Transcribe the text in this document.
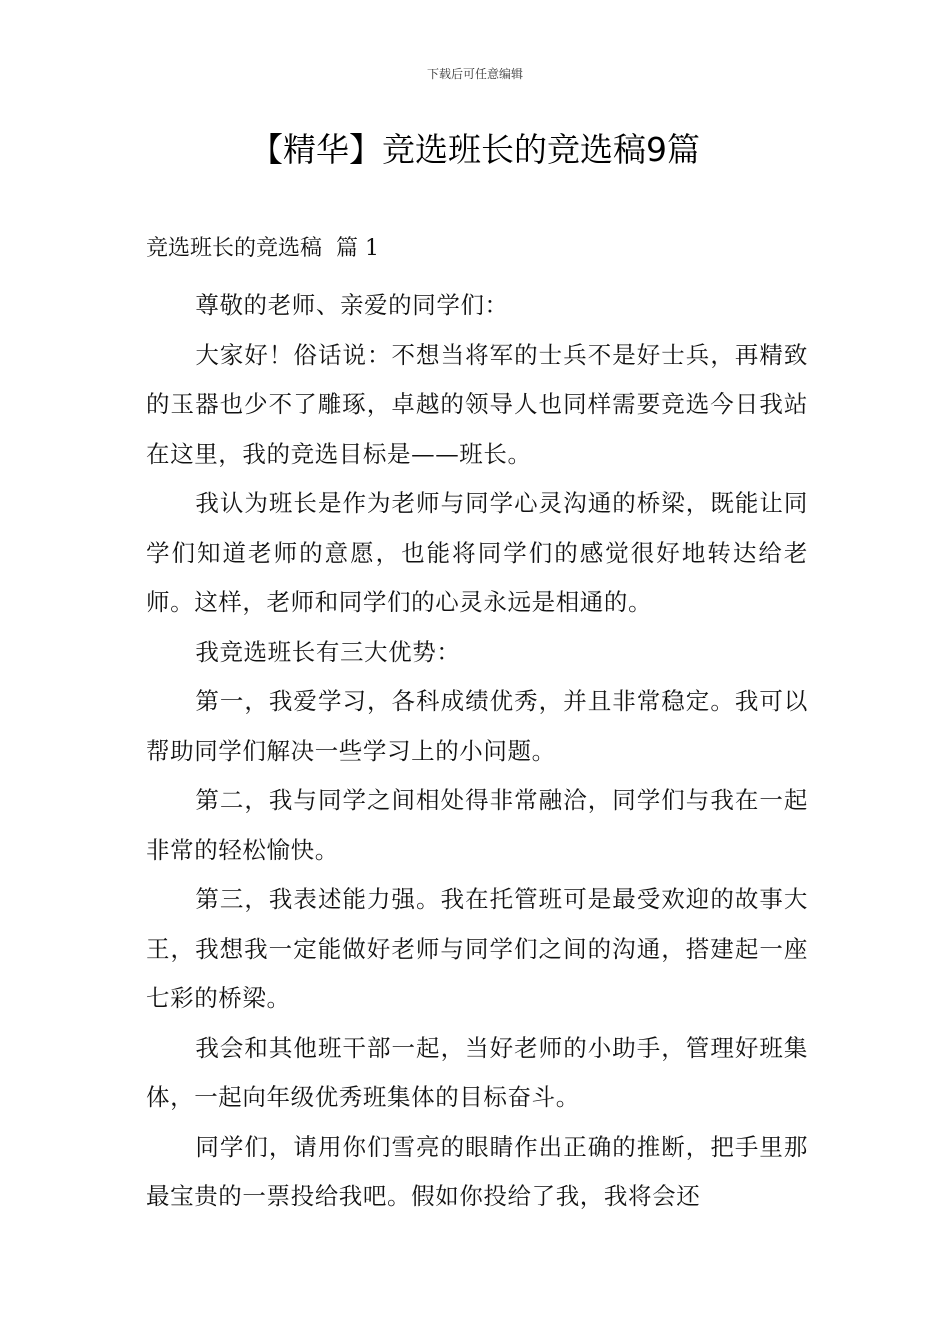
下载后可任意编辑
【精华】竞选班长的竞选稿9篇
竞选班长的竞选稿 篇 1

尊敬的老师、亲爱的同学们：

大家好！俗话说：不想当将军的士兵不是好士兵，再精致的玉器也少不了雕琢，卓越的领导人也同样需要竞选今日我站在这里，我的竞选目标是——班长。

我认为班长是作为老师与同学心灵沟通的桥梁，既能让同学们知道老师的意愿，也能将同学们的感觉很好地转达给老师。这样，老师和同学们的心灵永远是相通的。

我竞选班长有三大优势：

第一，我爱学习，各科成绩优秀，并且非常稳定。我可以帮助同学们解决一些学习上的小问题。

第二，我与同学之间相处得非常融洽，同学们与我在一起非常的轻松愉快。

第三，我表述能力强。我在托管班可是最受欢迎的故事大王，我想我一定能做好老师与同学们之间的沟通，搭建起一座七彩的桥梁。

我会和其他班干部一起，当好老师的小助手，管理好班集体，一起向年级优秀班集体的目标奋斗。

同学们，请用你们雪亮的眼睛作出正确的推断，把手里那最宝贵的一票投给我吧。假如你投给了我，我将会还
